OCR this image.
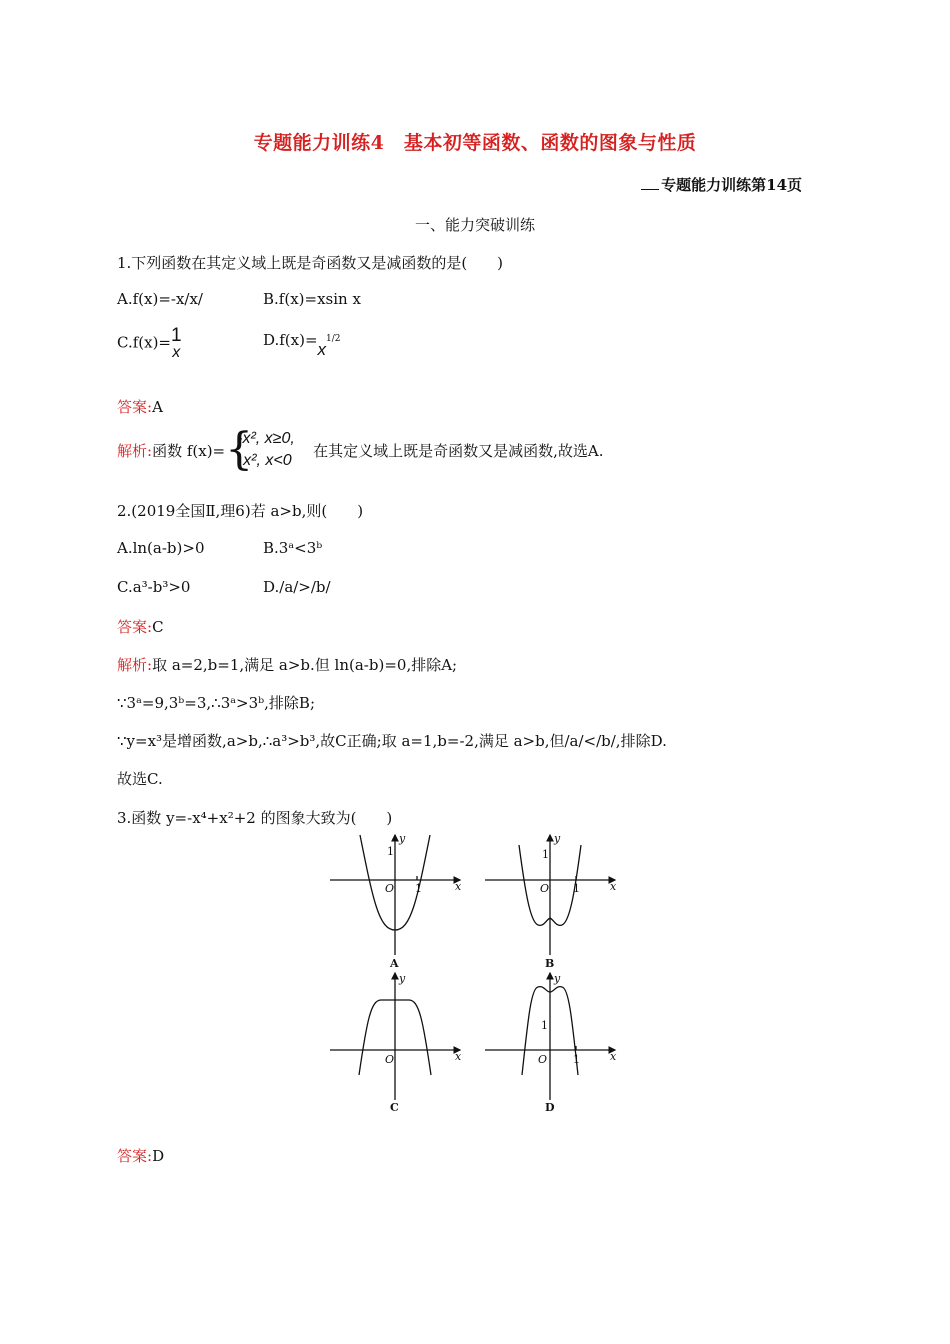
专题能力训练4　基本初等函数、函数的图象与性质
专题能力训练第14页
一、能力突破训练
1.下列函数在其定义域上既是奇函数又是减函数的是(　　)
A.f(x)=-x/x/	B.f(x)=xsin x
C.f(x)= 1
x
$D.f(x)=x^{1/2}$
答案:A
解析:函数 f(x)= {
-x², x≥0,
x², x<0
在其定义域上既是奇函数又是减函数,故选A.
2.(2019全国Ⅱ,理6)若 a>b,则(　　)
A.ln(a-b)>0	B.3ᵃ<3ᵇ
C.a³-b³>0	D./a/>/b/
答案:C
解析:取 a=2,b=1,满足 a>b.但 ln(a-b)=0,排除A;
∵3ᵃ=9,3ᵇ=3,∴3ᵃ>3ᵇ,排除B;
∵y=x³是增函数,a>b,∴a³>b³,故C正确;取 a=1,b=-2,满足 a>b,但/a/</b/,排除D.
故选C.
3.函数 y=-x⁴+x²+2 的图象大致为(　　)
O
1
1	x
y
A
O
1
1	x
y
B
O	x
y
C
O
1
1	x
y
D
答案:D
